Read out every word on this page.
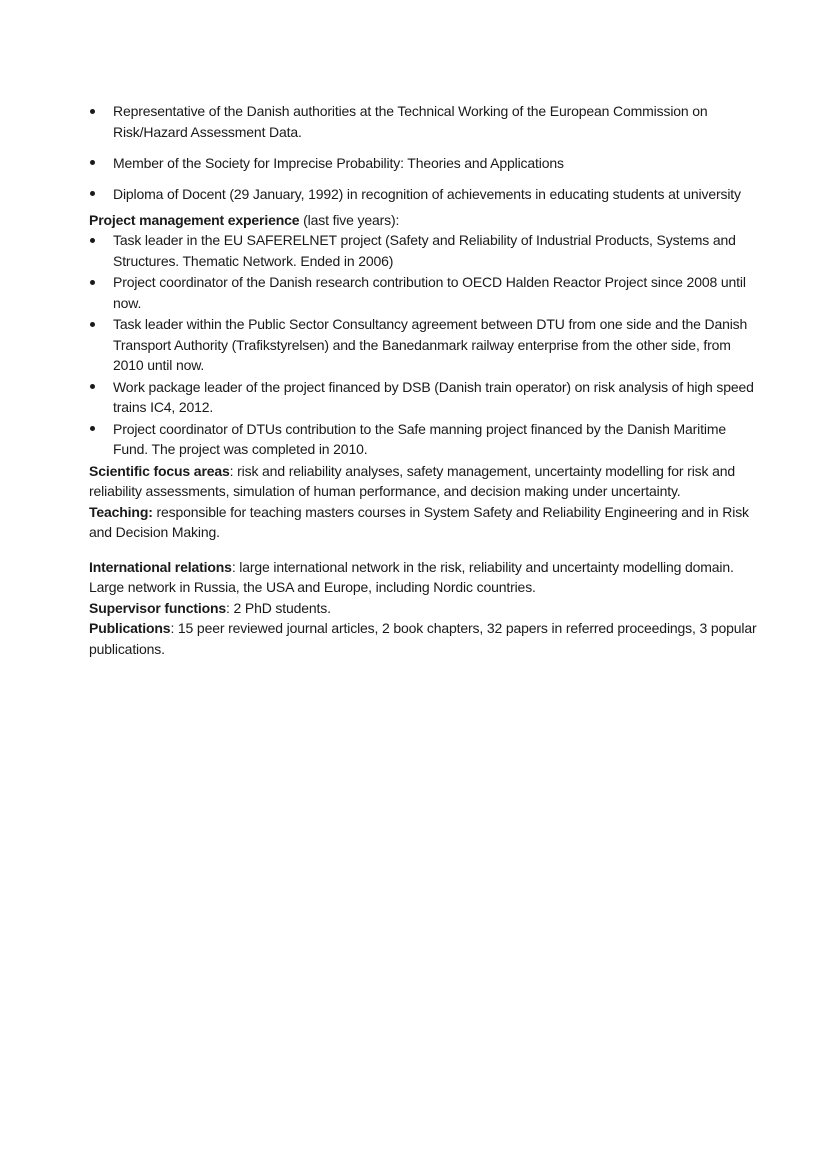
Representative of the Danish authorities at the Technical Working of the European Commission on Risk/Hazard Assessment Data.
Member of the Society for Imprecise Probability: Theories and Applications
Diploma of Docent (29 January, 1992) in recognition of achievements in educating students at university

Project management experience (last five years):

Task leader in the EU SAFERELNET project (Safety and Reliability of Industrial Products, Systems and Structures. Thematic Network. Ended in 2006)
Project coordinator of the Danish research contribution to OECD Halden Reactor Project since 2008 until now.
Task leader within the Public Sector Consultancy agreement between DTU from one side and the Danish Transport Authority (Trafikstyrelsen) and the Banedanmark railway enterprise from the other side, from 2010 until now.
Work package leader of the project financed by DSB (Danish train operator) on risk analysis of high speed trains IC4, 2012.
Project coordinator of DTUs contribution to the Safe manning project financed by the Danish Maritime Fund. The project was completed in 2010.

Scientific focus areas: risk and reliability analyses, safety management, uncertainty modelling for risk and reliability assessments, simulation of human performance, and decision making under uncertainty.

Teaching: responsible for teaching masters courses in System Safety and Reliability Engineering and in Risk and Decision Making.

International relations: large international network in the risk, reliability and uncertainty modelling domain. Large network in Russia, the USA and Europe, including Nordic countries.

Supervisor functions: 2 PhD students.

Publications: 15 peer reviewed journal articles, 2 book chapters, 32 papers in referred proceedings, 3 popular publications.
